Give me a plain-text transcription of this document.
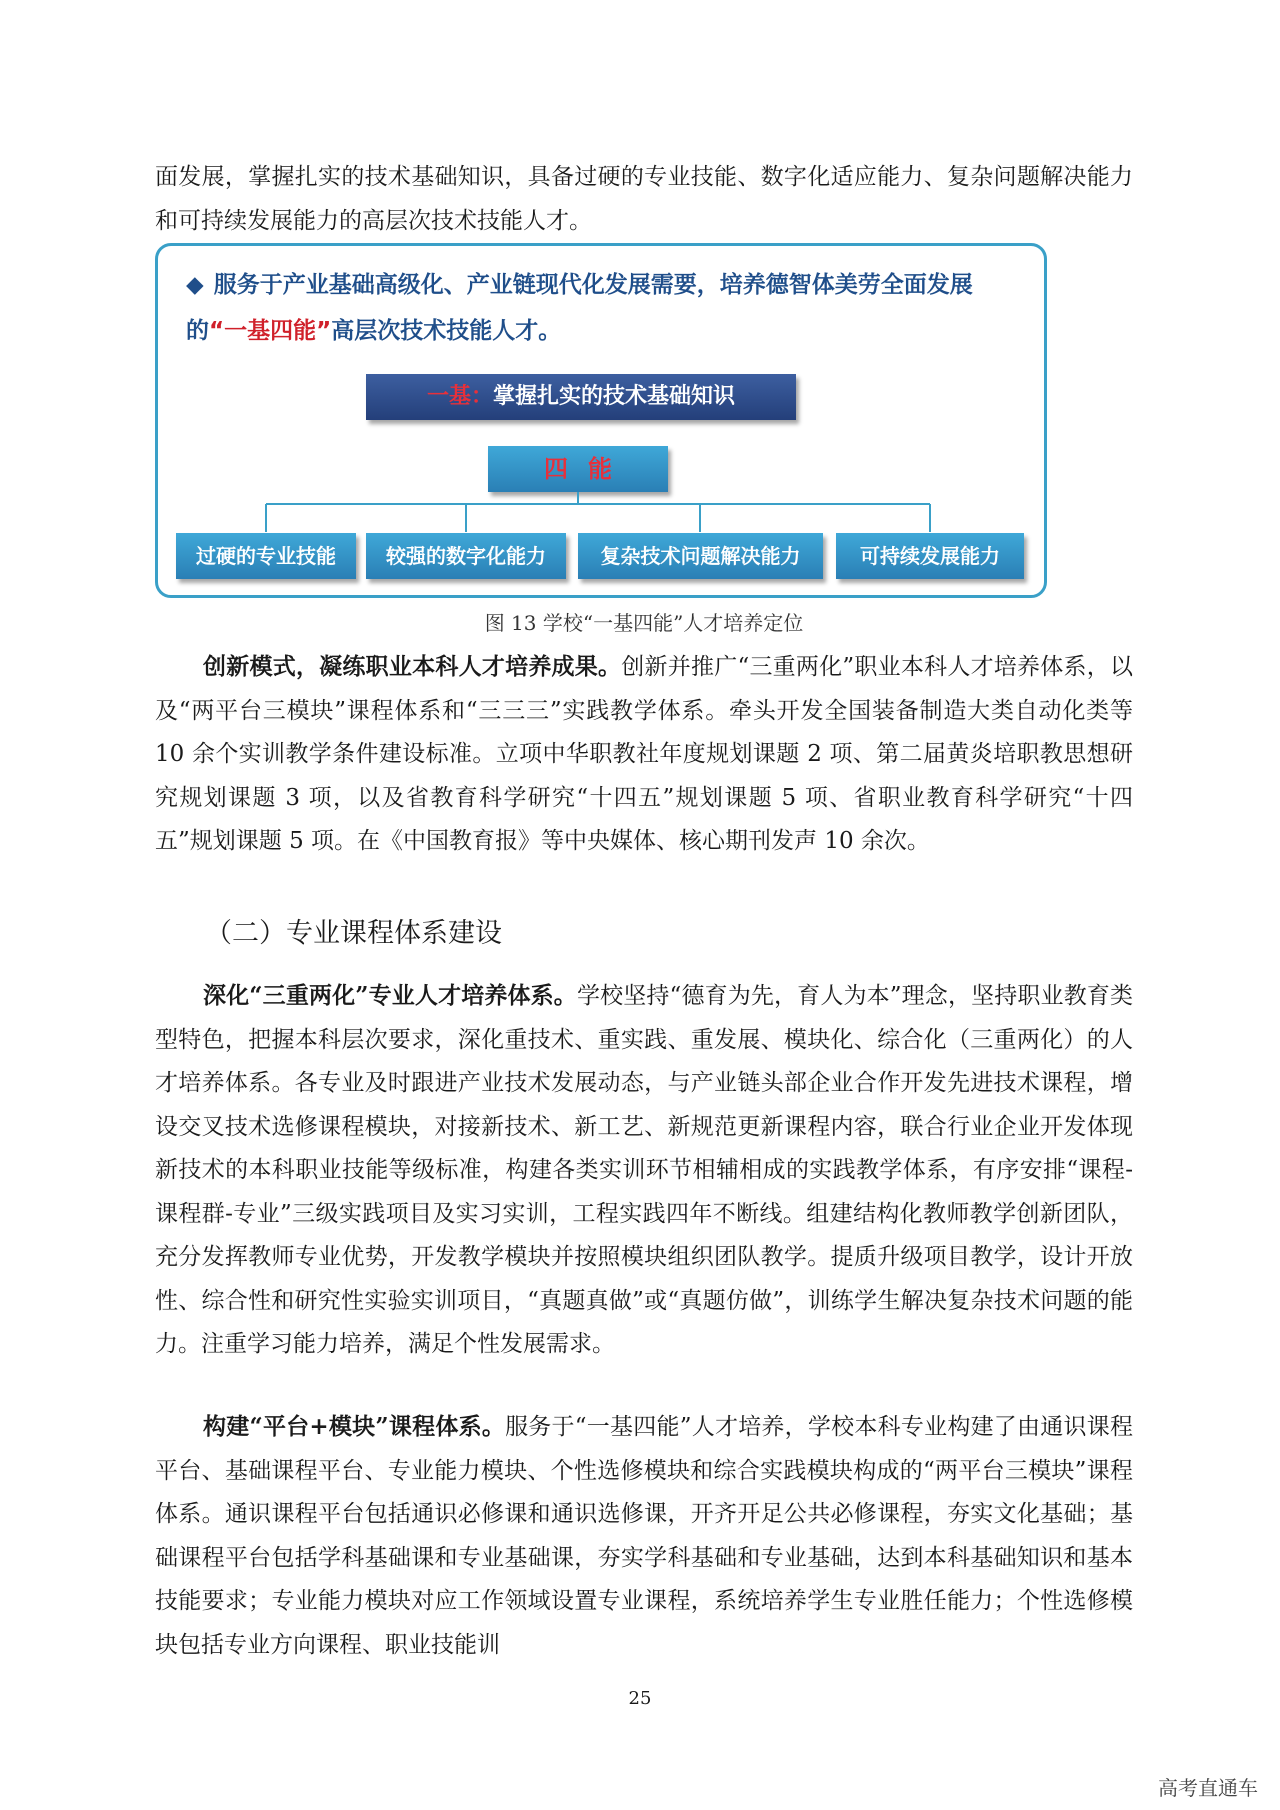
面发展，掌握扎实的技术基础知识，具备过硬的专业技能、数字化适应能力、复杂问题解决能力和可持续发展能力的高层次技术技能人才。
◆ 服务于产业基础高级化、产业链现代化发展需要，培养德智体美劳全面发展的“一基四能”高层次技术技能人才。
一基：掌握扎实的技术基础知识
四能
过硬的专业技能	较强的数字化能力	复杂技术问题解决能力	可持续发展能力
图 13 学校“一基四能”人才培养定位
创新模式，凝练职业本科人才培养成果。创新并推广“三重两化”职业本科人才培养体系，以及“两平台三模块”课程体系和“三三三”实践教学体系。牵头开发全国装备制造大类自动化类等 10 余个实训教学条件建设标准。立项中华职教社年度规划课题 2 项、第二届黄炎培职教思想研究规划课题 3 项，以及省教育科学研究“十四五”规划课题 5 项、省职业教育科学研究“十四五”规划课题 5 项。在《中国教育报》等中央媒体、核心期刊发声 10 余次。
（二）专业课程体系建设
深化“三重两化”专业人才培养体系。学校坚持“德育为先，育人为本”理念，坚持职业教育类型特色，把握本科层次要求，深化重技术、重实践、重发展、模块化、综合化（三重两化）的人才培养体系。各专业及时跟进产业技术发展动态，与产业链头部企业合作开发先进技术课程，增设交叉技术选修课程模块，对接新技术、新工艺、新规范更新课程内容，联合行业企业开发体现新技术的本科职业技能等级标准，构建各类实训环节相辅相成的实践教学体系，有序安排“课程-课程群-专业”三级实践项目及实习实训，工程实践四年不断线。组建结构化教师教学创新团队，充分发挥教师专业优势，开发教学模块并按照模块组织团队教学。提质升级项目教学，设计开放性、综合性和研究性实验实训项目，“真题真做”或“真题仿做”，训练学生解决复杂技术问题的能力。注重学习能力培养，满足个性发展需求。
构建“平台+模块”课程体系。服务于“一基四能”人才培养，学校本科专业构建了由通识课程平台、基础课程平台、专业能力模块、个性选修模块和综合实践模块构成的“两平台三模块”课程体系。通识课程平台包括通识必修课和通识选修课，开齐开足公共必修课程，夯实文化基础；基础课程平台包括学科基础课和专业基础课，夯实学科基础和专业基础，达到本科基础知识和基本技能要求；专业能力模块对应工作领域设置专业课程，系统培养学生专业胜任能力；个性选修模块包括专业方向课程、职业技能训
25
高考直通车
